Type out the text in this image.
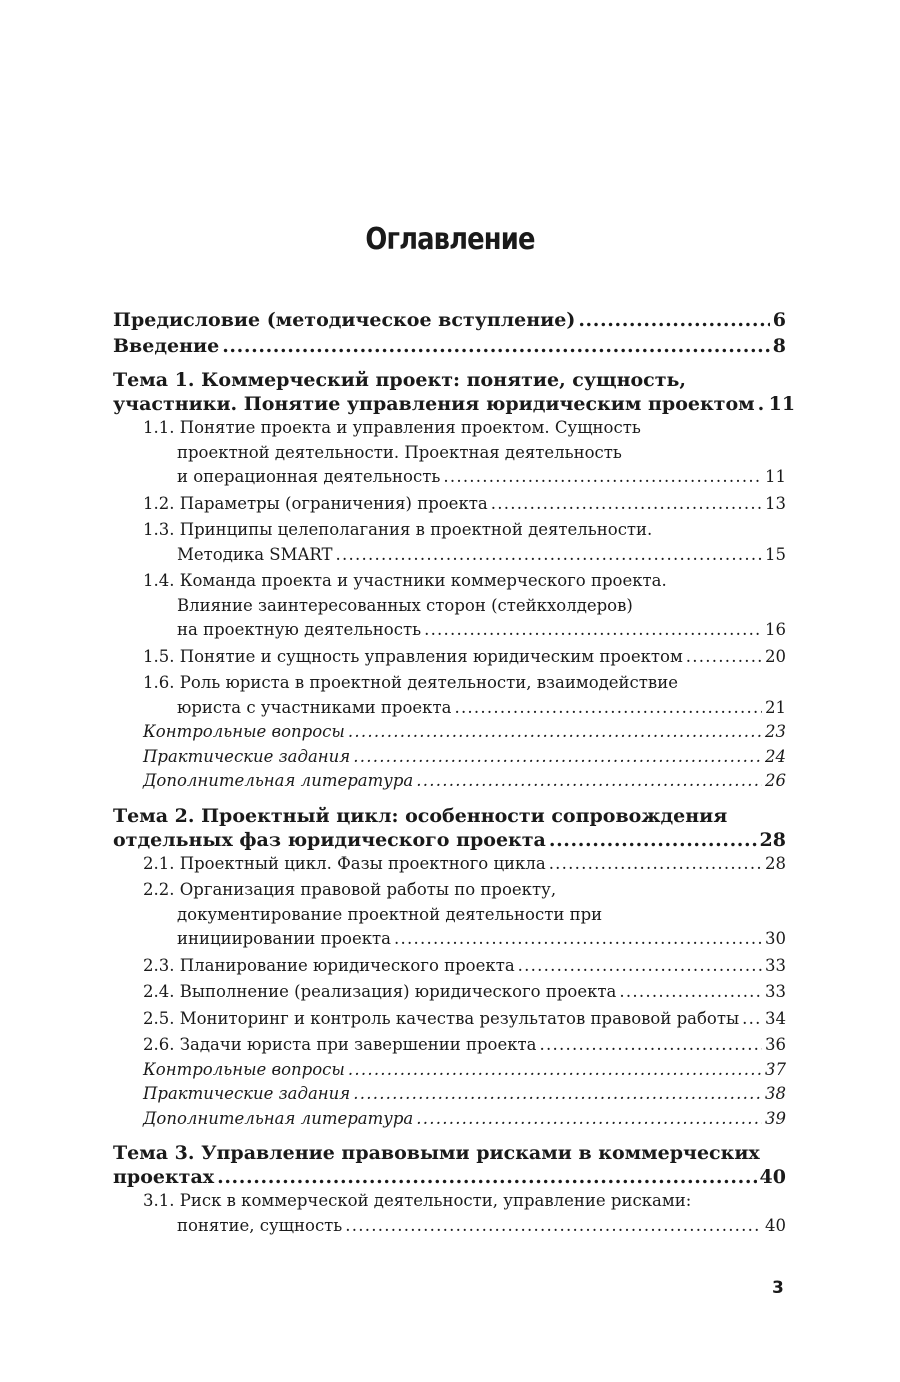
Оглавление
Предисловие (методическое вступление) . . .	6
Введение . . .	8
Тема 1. Коммерческий проект: понятие, сущность,
участники. Понятие управления юридическим проектом . . . 11
1.1. Понятие проекта и управления проектом. Сущность
проектной деятельности. Проектная деятельность
и операционная деятельность . . .	11
1.2. Параметры (ограничения) проекта . . .	13
1.3. Принципы целеполагания в проектной деятельности.
Методика SMART . . .	15
1.4. Команда проекта и участники коммерческого проекта.
Влияние заинтересованных сторон (стейкхолдеров)
на проектную деятельность . . .	16
1.5. Понятие и сущность управления юридическим проектом . . .	20
1.6. Роль юриста в проектной деятельности, взаимодействие
юриста с участниками проекта . . .	21
Контрольные вопросы . . .	23
Практические задания . . .	24
Дополнительная литература . . .	26
Тема 2. Проектный цикл: особенности сопровождения
отдельных фаз юридического проекта . . .	28
2.1. Проектный цикл. Фазы проектного цикла . . .	28
2.2. Организация правовой работы по проекту,
документирование проектной деятельности при
инициировании проекта . . .	30
2.3. Планирование юридического проекта . . .	33
2.4. Выполнение (реализация) юридического проекта . . .	33
2.5. Мониторинг и контроль качества результатов правовой работы . . . 34
2.6. Задачи юриста при завершении проекта . . .	36
Контрольные вопросы . . .	37
Практические задания . . .	38
Дополнительная литература . . .	39
Тема 3. Управление правовыми рисками в коммерческих
проектах . . .	40
3.1. Риск в коммерческой деятельности, управление рисками:
понятие, сущность . . .	40

3
